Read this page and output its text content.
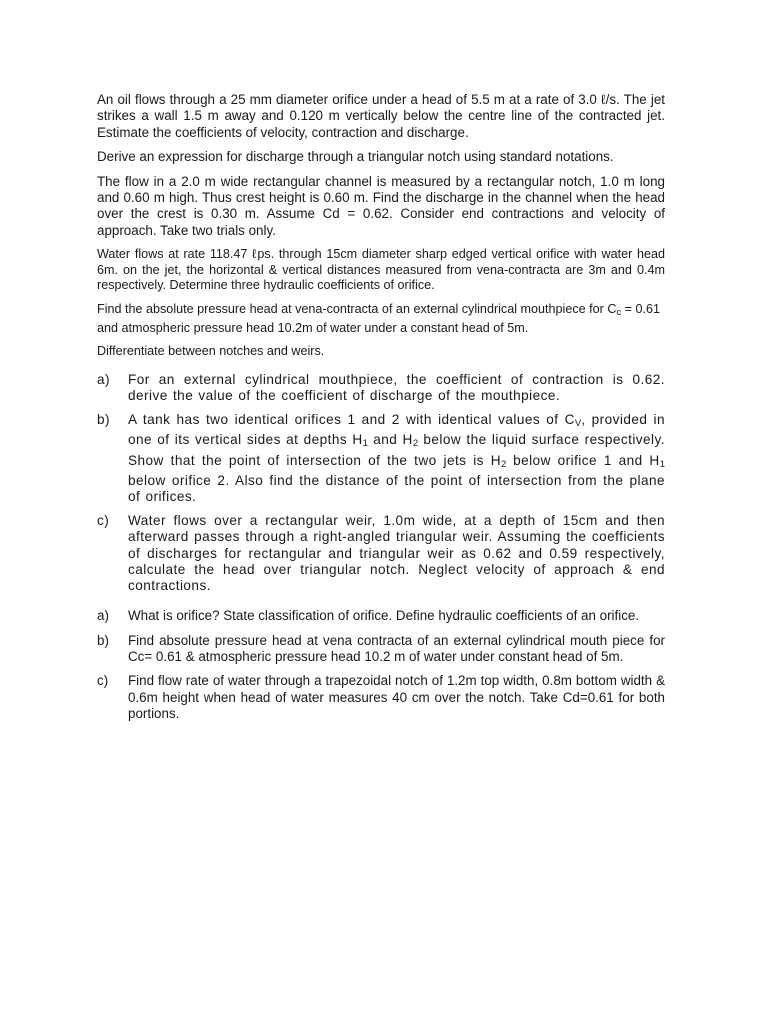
An oil flows through a 25 mm diameter orifice under a head of 5.5 m at a rate of 3.0 ℓ/s. The jet strikes a wall 1.5 m away and 0.120 m vertically below the centre line of the contracted jet. Estimate the coefficients of velocity, contraction and discharge.

Derive an expression for discharge through a triangular notch using standard notations.

The flow in a 2.0 m wide rectangular channel is measured by a rectangular notch, 1.0 m long and 0.60 m high. Thus crest height is 0.60 m. Find the discharge in the channel when the head over the crest is 0.30 m. Assume Cd = 0.62. Consider end contractions and velocity of approach. Take two trials only.

Water flows at rate 118.47 ℓps. through 15cm diameter sharp edged vertical orifice with water head 6m. on the jet, the horizontal & vertical distances measured from vena-contracta are 3m and 0.4m respectively. Determine three hydraulic coefficients of orifice.

Find the absolute pressure head at vena-contracta of an external cylindrical mouthpiece for $C_c = 0.61$ and atmospheric pressure head 10.2m of water under a constant head of 5m.

Differentiate between notches and weirs.

a)	For an external cylindrical mouthpiece, the coefficient of contraction is 0.62. derive the value of the coefficient of discharge of the mouthpiece.
b)	A tank has two identical orifices 1 and 2 with identical values of $C_V$, provided in one of its vertical sides at depths $H_1$ and $H_2$ below the liquid surface respectively. Show that the point of intersection of the two jets is $H_2$ below orifice 1 and $H_1$ below orifice 2. Also find the distance of the point of intersection from the plane of orifices.
c)	Water flows over a rectangular weir, 1.0m wide, at a depth of 15cm and then afterward passes through a right-angled triangular weir. Assuming the coefficients of discharges for rectangular and triangular weir as 0.62 and 0.59 respectively, calculate the head over triangular notch. Neglect velocity of approach & end contractions.
a)	What is orifice? State classification of orifice. Define hydraulic coefficients of an orifice.
b)	Find absolute pressure head at vena contracta of an external cylindrical mouth piece for Cc= 0.61 & atmospheric pressure head 10.2 m of water under constant head of 5m.
c)	Find flow rate of water through a trapezoidal notch of 1.2m top width, 0.8m bottom width & 0.6m height when head of water measures 40 cm over the notch. Take Cd=0.61 for both portions.
